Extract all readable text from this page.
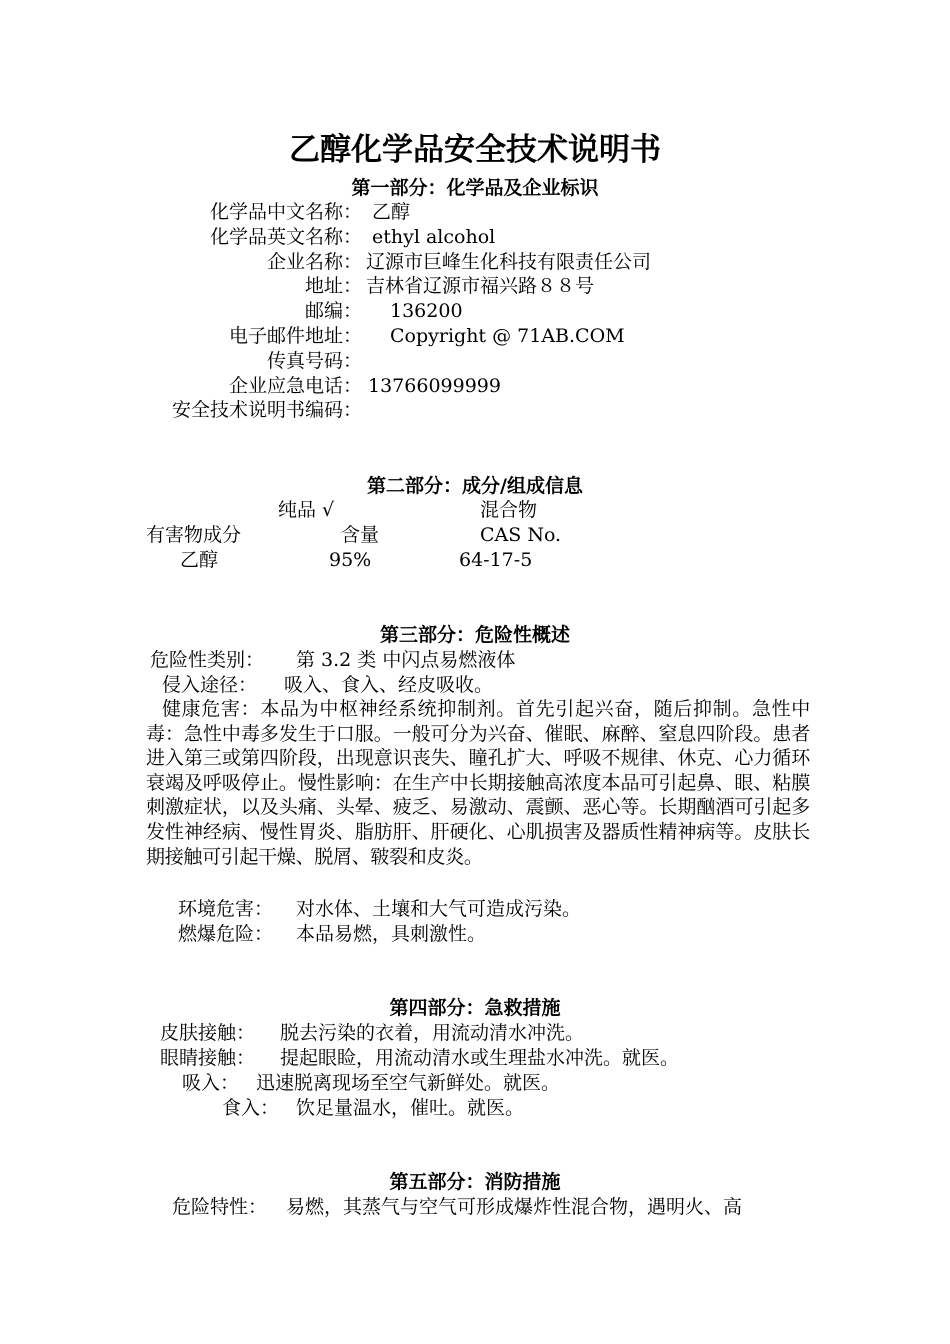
乙醇化学品安全技术说明书
第一部分：化学品及企业标识
化学品中文名称： 乙醇
化学品英文名称： ethyl alcohol
企业名称： 辽源市巨峰生化科技有限责任公司
地址： 吉林省辽源市福兴路８８号
邮编： 136200
电子邮件地址： Copyright @ 71AB.COM
传真号码：
企业应急电话： 13766099999
安全技术说明书编码：
第二部分：成分/组成信息
纯品 √	混合物
有害物成分	含量	CAS No.
乙醇	95%	64-17-5
第三部分：危险性概述
危险性类别： 第 3.2 类 中闪点易燃液体
侵入途径： 吸入、食入、经皮吸收。
健康危害：本品为中枢神经系统抑制剂。首先引起兴奋，随后抑制。急性中毒：急性中毒多发生于口服。一般可分为兴奋、催眠、麻醉、窒息四阶段。患者进入第三或第四阶段，出现意识丧失、瞳孔扩大、呼吸不规律、休克、心力循环衰竭及呼吸停止。慢性影响：在生产中长期接触高浓度本品可引起鼻、眼、粘膜刺激症状，以及头痛、头晕、疲乏、易激动、震颤、恶心等。长期酗酒可引起多发性神经病、慢性胃炎、脂肪肝、肝硬化、心肌损害及器质性精神病等。皮肤长期接触可引起干燥、脱屑、皲裂和皮炎。
环境危害： 对水体、土壤和大气可造成污染。
燃爆危险： 本品易燃，具刺激性。
第四部分：急救措施
皮肤接触： 脱去污染的衣着，用流动清水冲洗。
眼睛接触： 提起眼睑，用流动清水或生理盐水冲洗。就医。
吸入： 迅速脱离现场至空气新鲜处。就医。
食入： 饮足量温水，催吐。就医。
第五部分：消防措施
危险特性： 易燃，其蒸气与空气可形成爆炸性混合物，遇明火、高
